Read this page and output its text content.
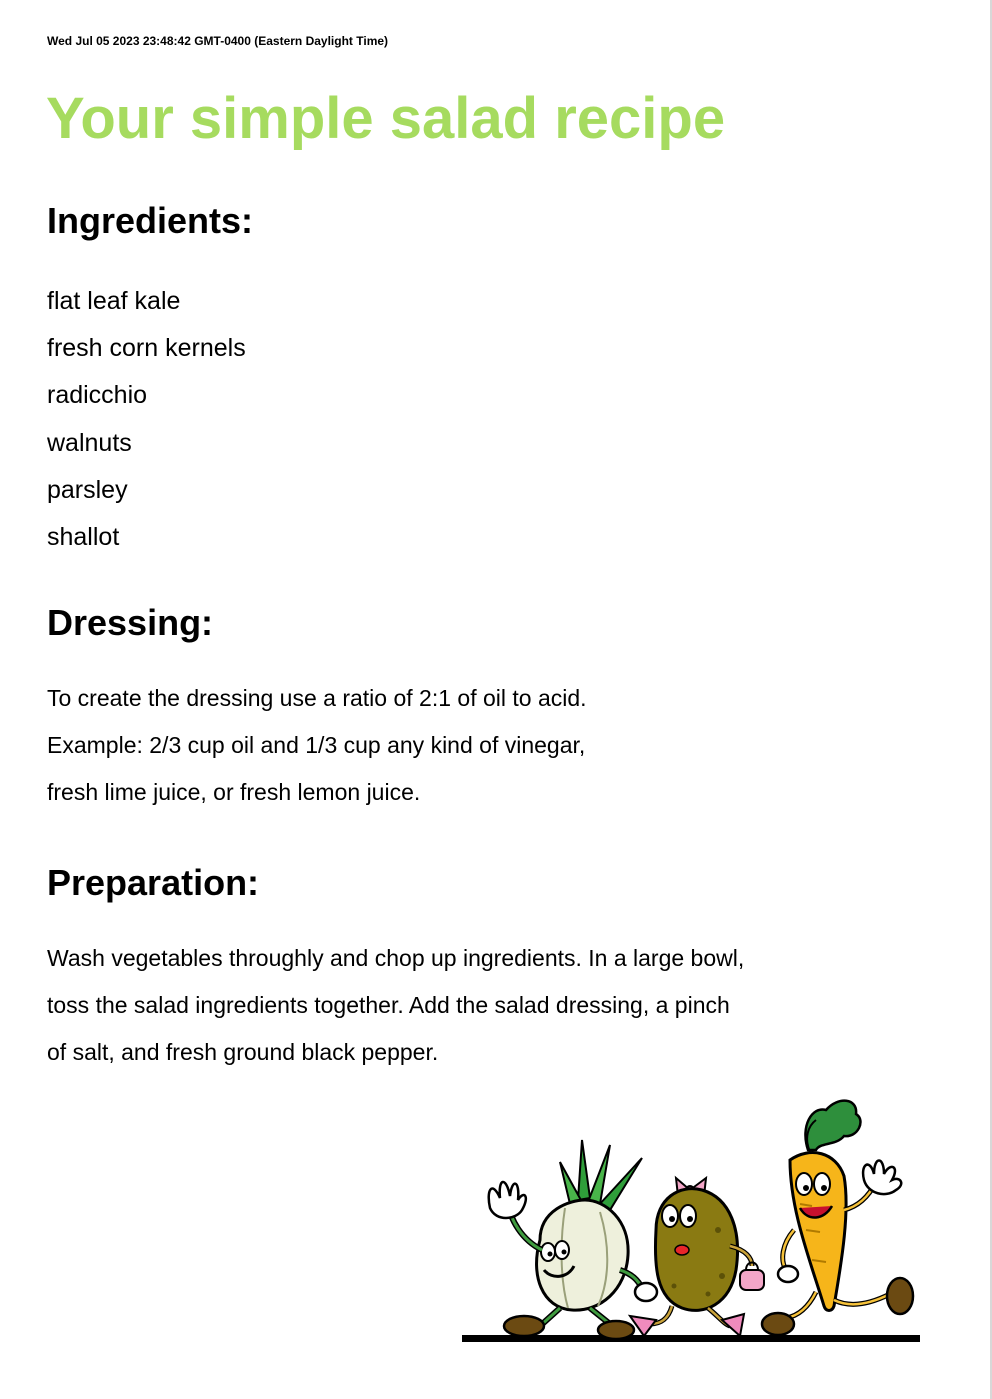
Wed Jul 05 2023 23:48:42 GMT-0400 (Eastern Daylight Time)
Your simple salad recipe
Ingredients:
flat leaf kale
fresh corn kernels
radicchio
walnuts
parsley
shallot
Dressing:
To create the dressing use a ratio of 2:1 of oil to acid.
Example: 2/3 cup oil and 1/3 cup any kind of vinegar,
fresh lime juice, or fresh lemon juice.
Preparation:
Wash vegetables throughly and chop up ingredients. In a large bowl,
toss the salad ingredients together. Add the salad dressing, a pinch
of salt, and fresh ground black pepper.
